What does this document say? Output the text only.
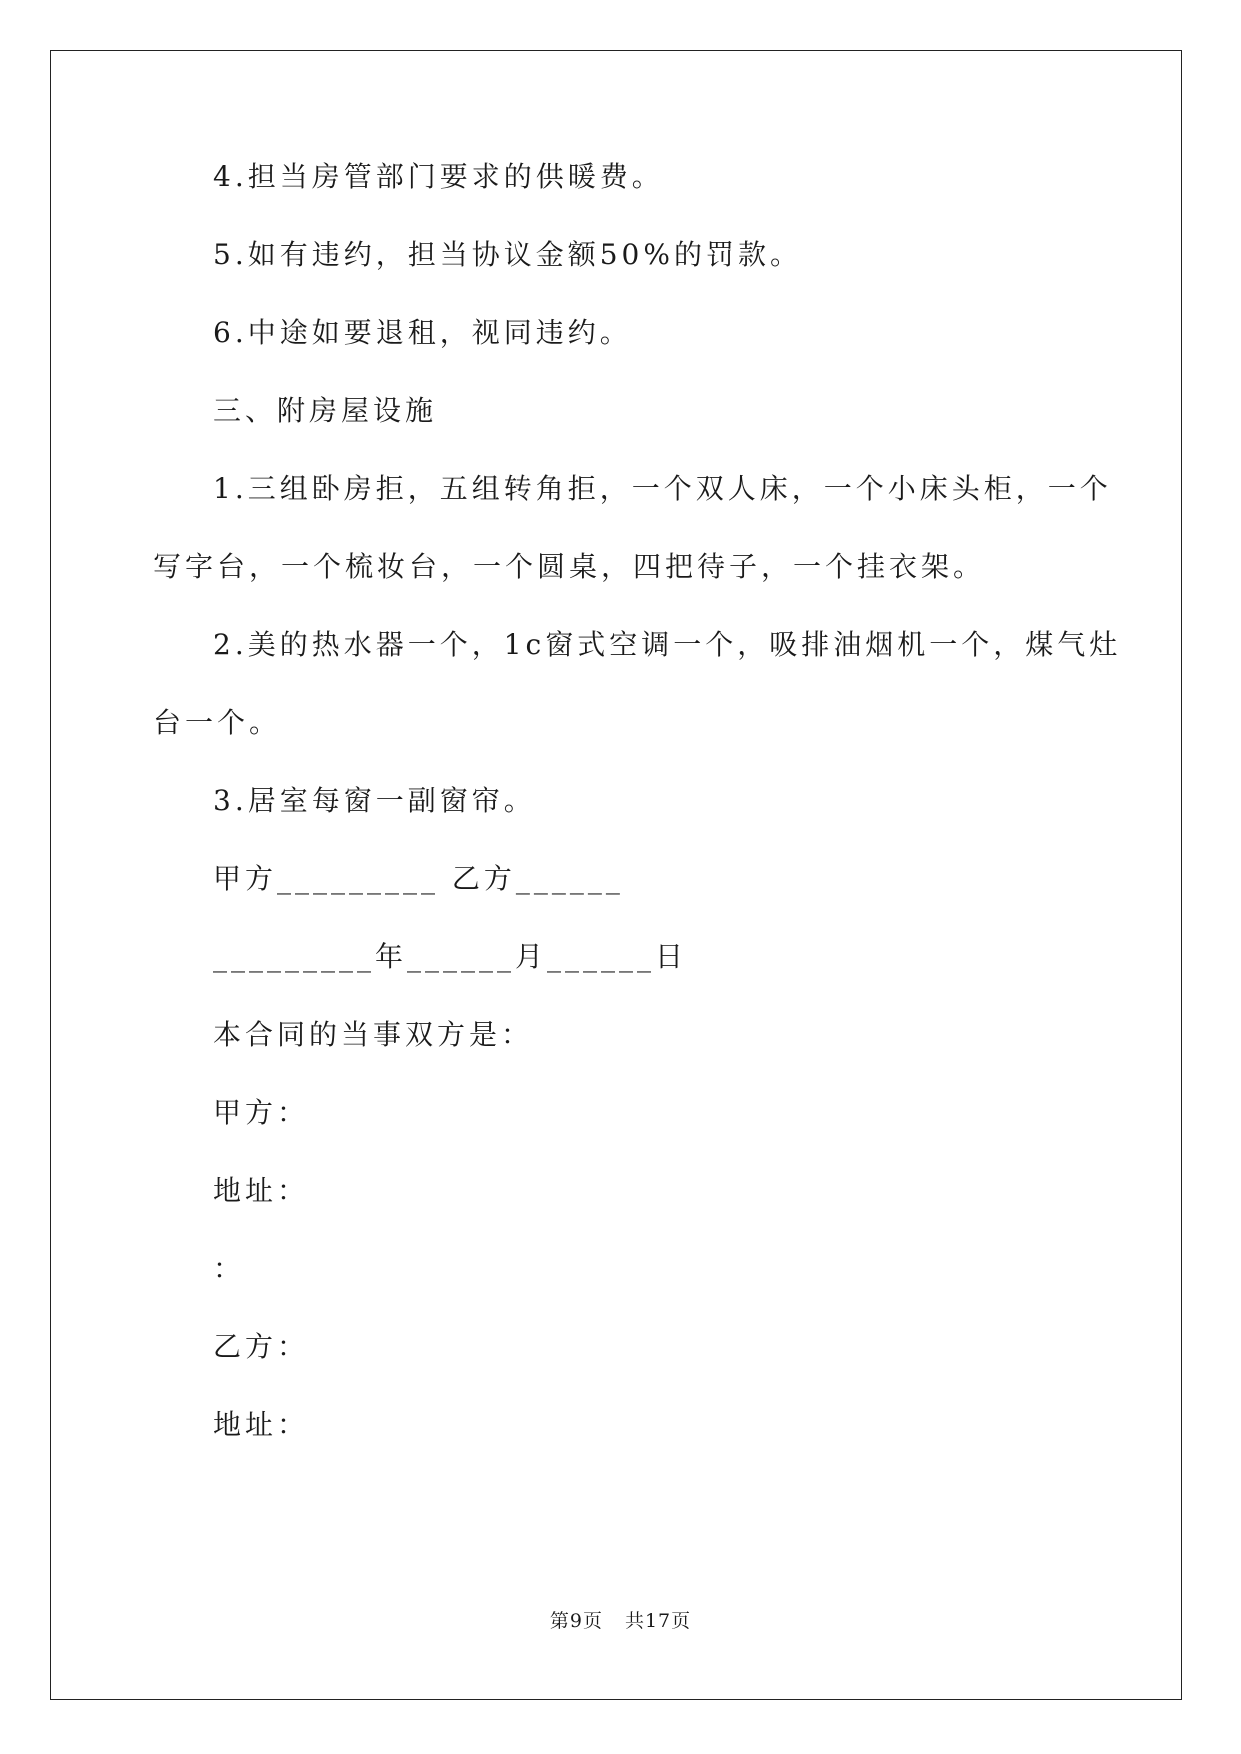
4.担当房管部门要求的供暖费。
5.如有违约，担当协议金额50%的罚款。
6.中途如要退租，视同违约。
三、附房屋设施
1.三组卧房拒，五组转角拒，一个双人床，一个小床头柜，一个
写字台，一个梳妆台，一个圆桌，四把待子，一个挂衣架。
2.美的热水器一个，1c窗式空调一个，吸排油烟机一个，煤气灶
台一个。
3.居室每窗一副窗帘。
甲方_________ 乙方______
_________年______月______日
本合同的当事双方是：
甲方：
地址：
：
乙方：
地址：
第9页 共17页
